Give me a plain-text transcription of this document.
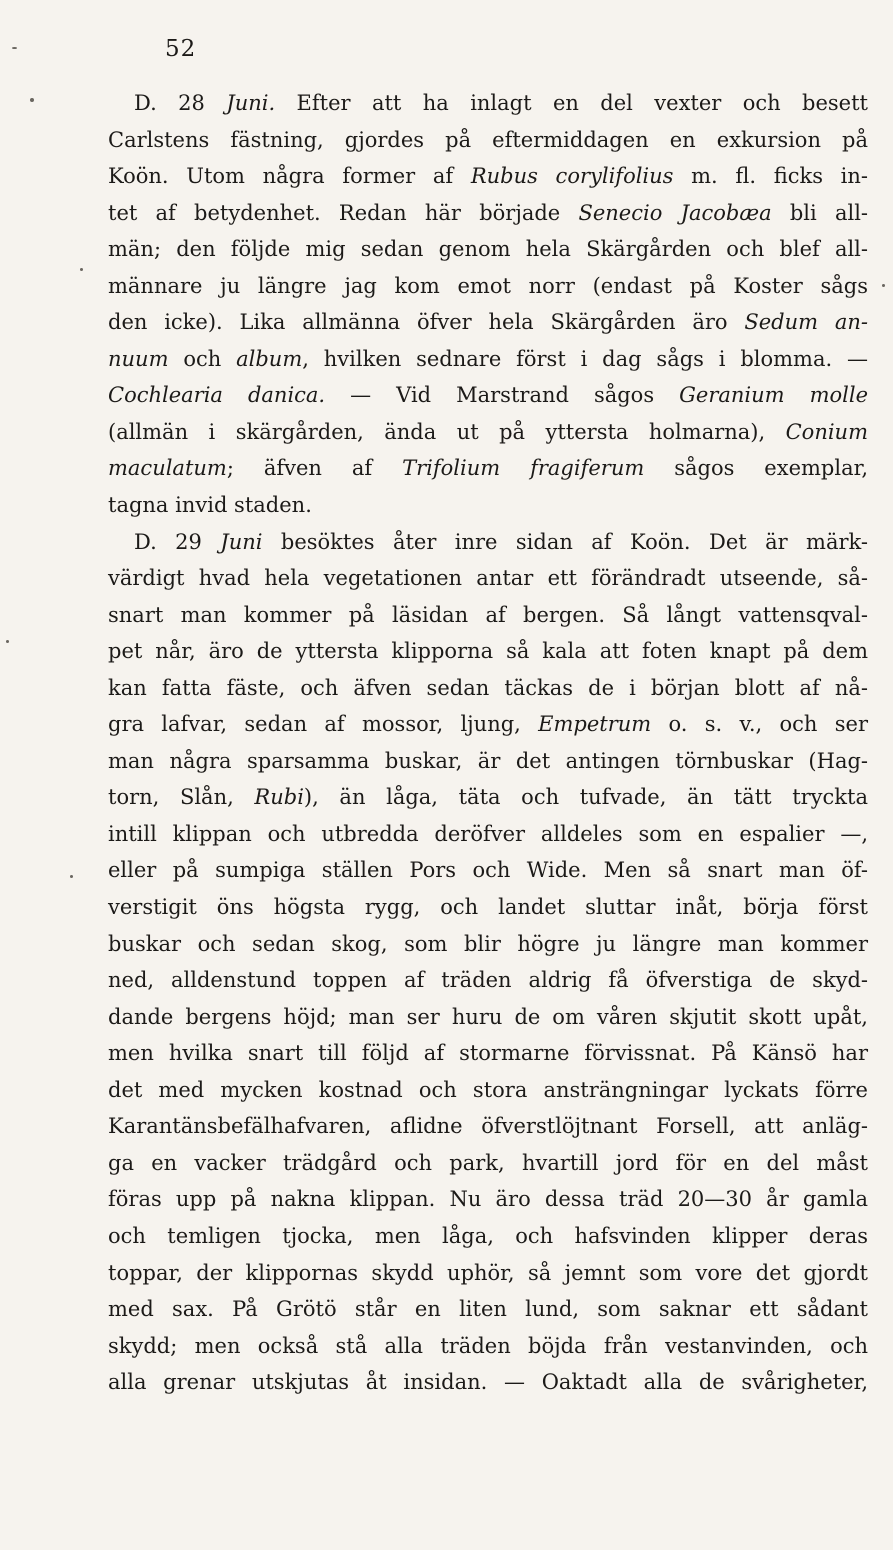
52
D. 28 Juni. Efter att ha inlagt en del vexter och besett
Carlstens fästning, gjordes på eftermiddagen en exkursion på
Koön. Utom några former af Rubus corylifolius m. fl. ficks in-
tet af betydenhet. Redan här började Senecio Jacobæa bli all-
män; den följde mig sedan genom hela Skärgården och blef all-
männare ju längre jag kom emot norr (endast på Koster sågs
den icke). Lika allmänna öfver hela Skärgården äro Sedum an-
nuum och album, hvilken sednare först i dag sågs i blomma. —
Cochlearia danica. — Vid Marstrand sågos Geranium molle
(allmän i skärgården, ända ut på yttersta holmarna), Conium
maculatum; äfven af Trifolium fragiferum sågos exemplar,
tagna invid staden.
D. 29 Juni besöktes åter inre sidan af Koön. Det är märk-
värdigt hvad hela vegetationen antar ett förändradt utseende, så-
snart man kommer på läsidan af bergen. Så långt vattensqval-
pet når, äro de yttersta klipporna så kala att foten knapt på dem
kan fatta fäste, och äfven sedan täckas de i början blott af nå-
gra lafvar, sedan af mossor, ljung, Empetrum o. s. v., och ser
man några sparsamma buskar, är det antingen törnbuskar (Hag-
torn, Slån, Rubi), än låga, täta och tufvade, än tätt tryckta
intill klippan och utbredda deröfver alldeles som en espalier —,
eller på sumpiga ställen Pors och Wide. Men så snart man öf-
verstigit öns högsta rygg, och landet sluttar inåt, börja först
buskar och sedan skog, som blir högre ju längre man kommer
ned, alldenstund toppen af träden aldrig få öfverstiga de skyd-
dande bergens höjd; man ser huru de om våren skjutit skott upåt,
men hvilka snart till följd af stormarne förvissnat. På Känsö har
det med mycken kostnad och stora ansträngningar lyckats förre
Karantänsbefälhafvaren, aflidne öfverstlöjtnant Forsell, att anläg-
ga en vacker trädgård och park, hvartill jord för en del måst
föras upp på nakna klippan. Nu äro dessa träd 20—30 år gamla
och temligen tjocka, men låga, och hafsvinden klipper deras
toppar, der klippornas skydd uphör, så jemnt som vore det gjordt
med sax. På Grötö står en liten lund, som saknar ett sådant
skydd; men också stå alla träden böjda från vestanvinden, och
alla grenar utskjutas åt insidan. — Oaktadt alla de svårigheter,
